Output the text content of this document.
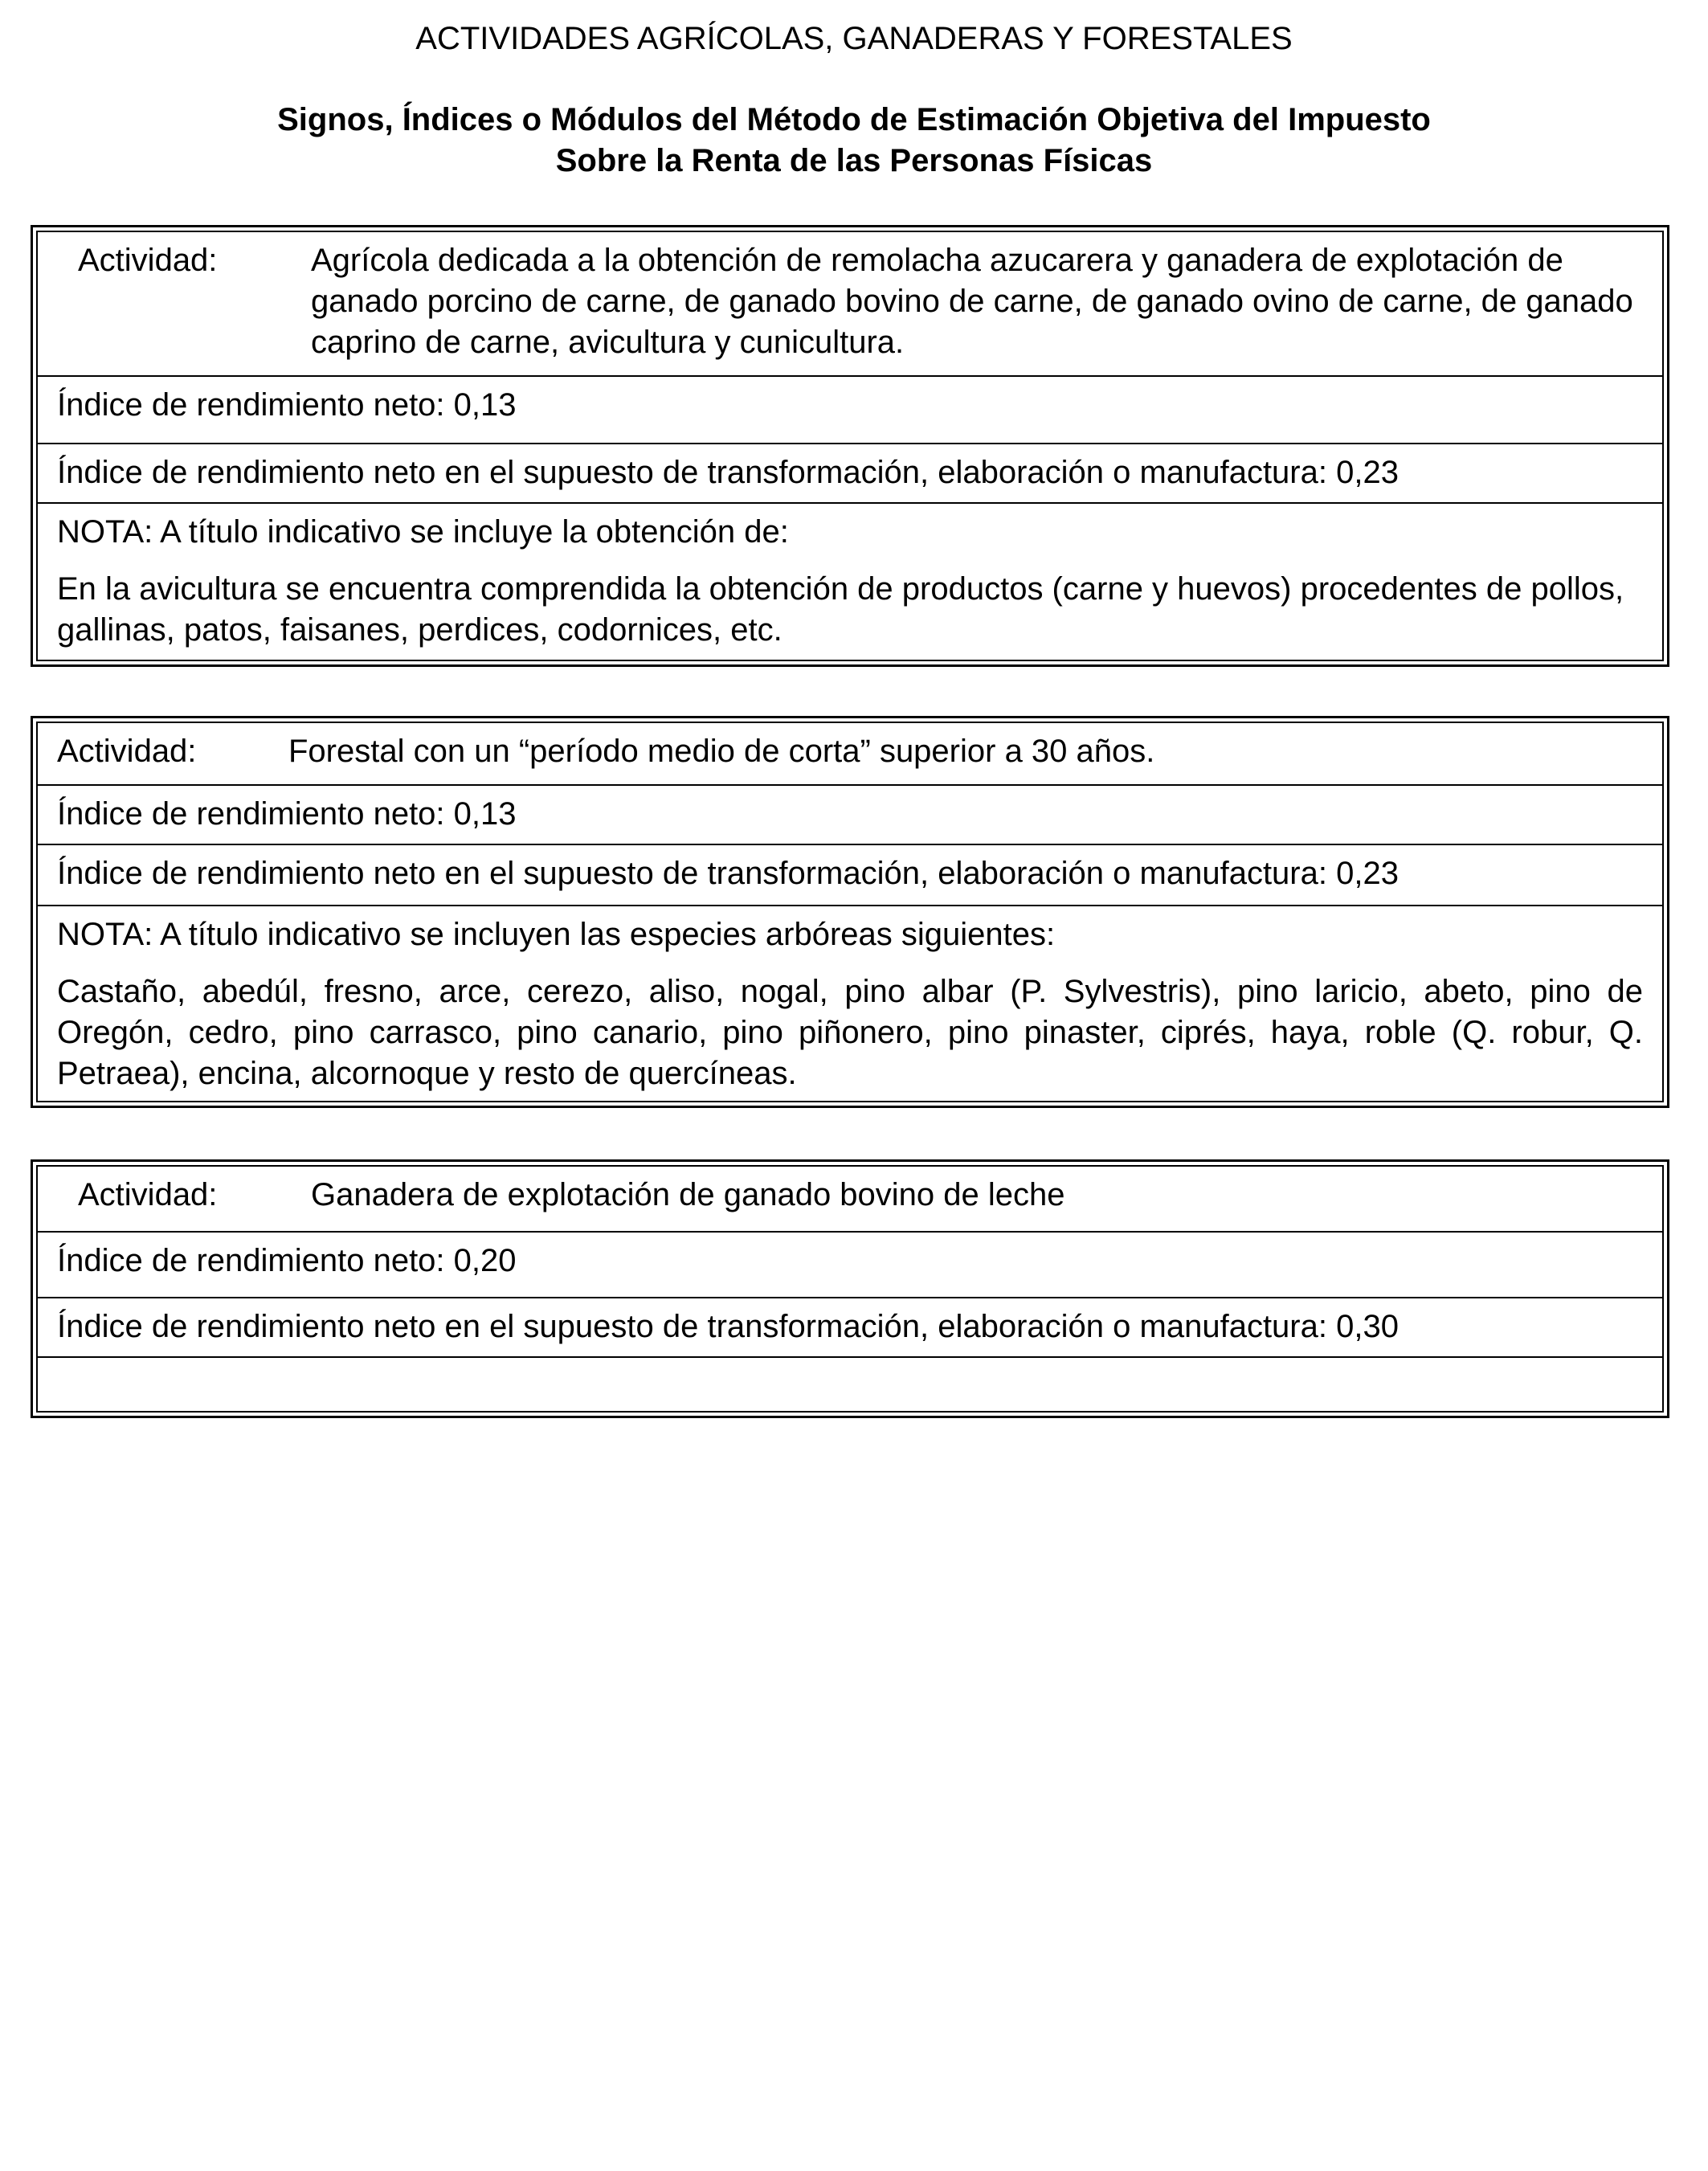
ACTIVIDADES AGRÍCOLAS, GANADERAS Y FORESTALES
Signos, Índices o Módulos del Método de Estimación Objetiva del Impuesto
Sobre la Renta de las Personas Físicas
Actividad:	Agrícola dedicada a la obtención de remolacha azucarera y ganadera de explotación de ganado porcino de carne, de ganado bovino de carne, de ganado ovino de carne, de ganado caprino de carne, avicultura y cunicultura.
Índice de rendimiento neto: 0,13
Índice de rendimiento neto en el supuesto de transformación, elaboración o manufactura: 0,23
NOTA: A título indicativo se incluye la obtención de:
En la avicultura se encuentra comprendida la obtención de productos (carne y huevos) procedentes de pollos, gallinas, patos, faisanes, perdices, codornices, etc.
Actividad:	Forestal con un “período medio de corta” superior a 30 años.
Índice de rendimiento neto: 0,13
Índice de rendimiento neto en el supuesto de transformación, elaboración o manufactura: 0,23
NOTA: A título indicativo se incluyen las especies arbóreas siguientes:
Castaño, abedúl, fresno, arce, cerezo, aliso, nogal, pino albar (P. Sylvestris), pino laricio, abeto, pino de Oregón, cedro, pino carrasco, pino canario, pino piñonero, pino pinaster, ciprés, haya, roble (Q. robur, Q. Petraea), encina, alcornoque y resto de quercíneas.
Actividad:	Ganadera de explotación de ganado bovino de leche
Índice de rendimiento neto: 0,20
Índice de rendimiento neto en el supuesto de transformación, elaboración o manufactura: 0,30
